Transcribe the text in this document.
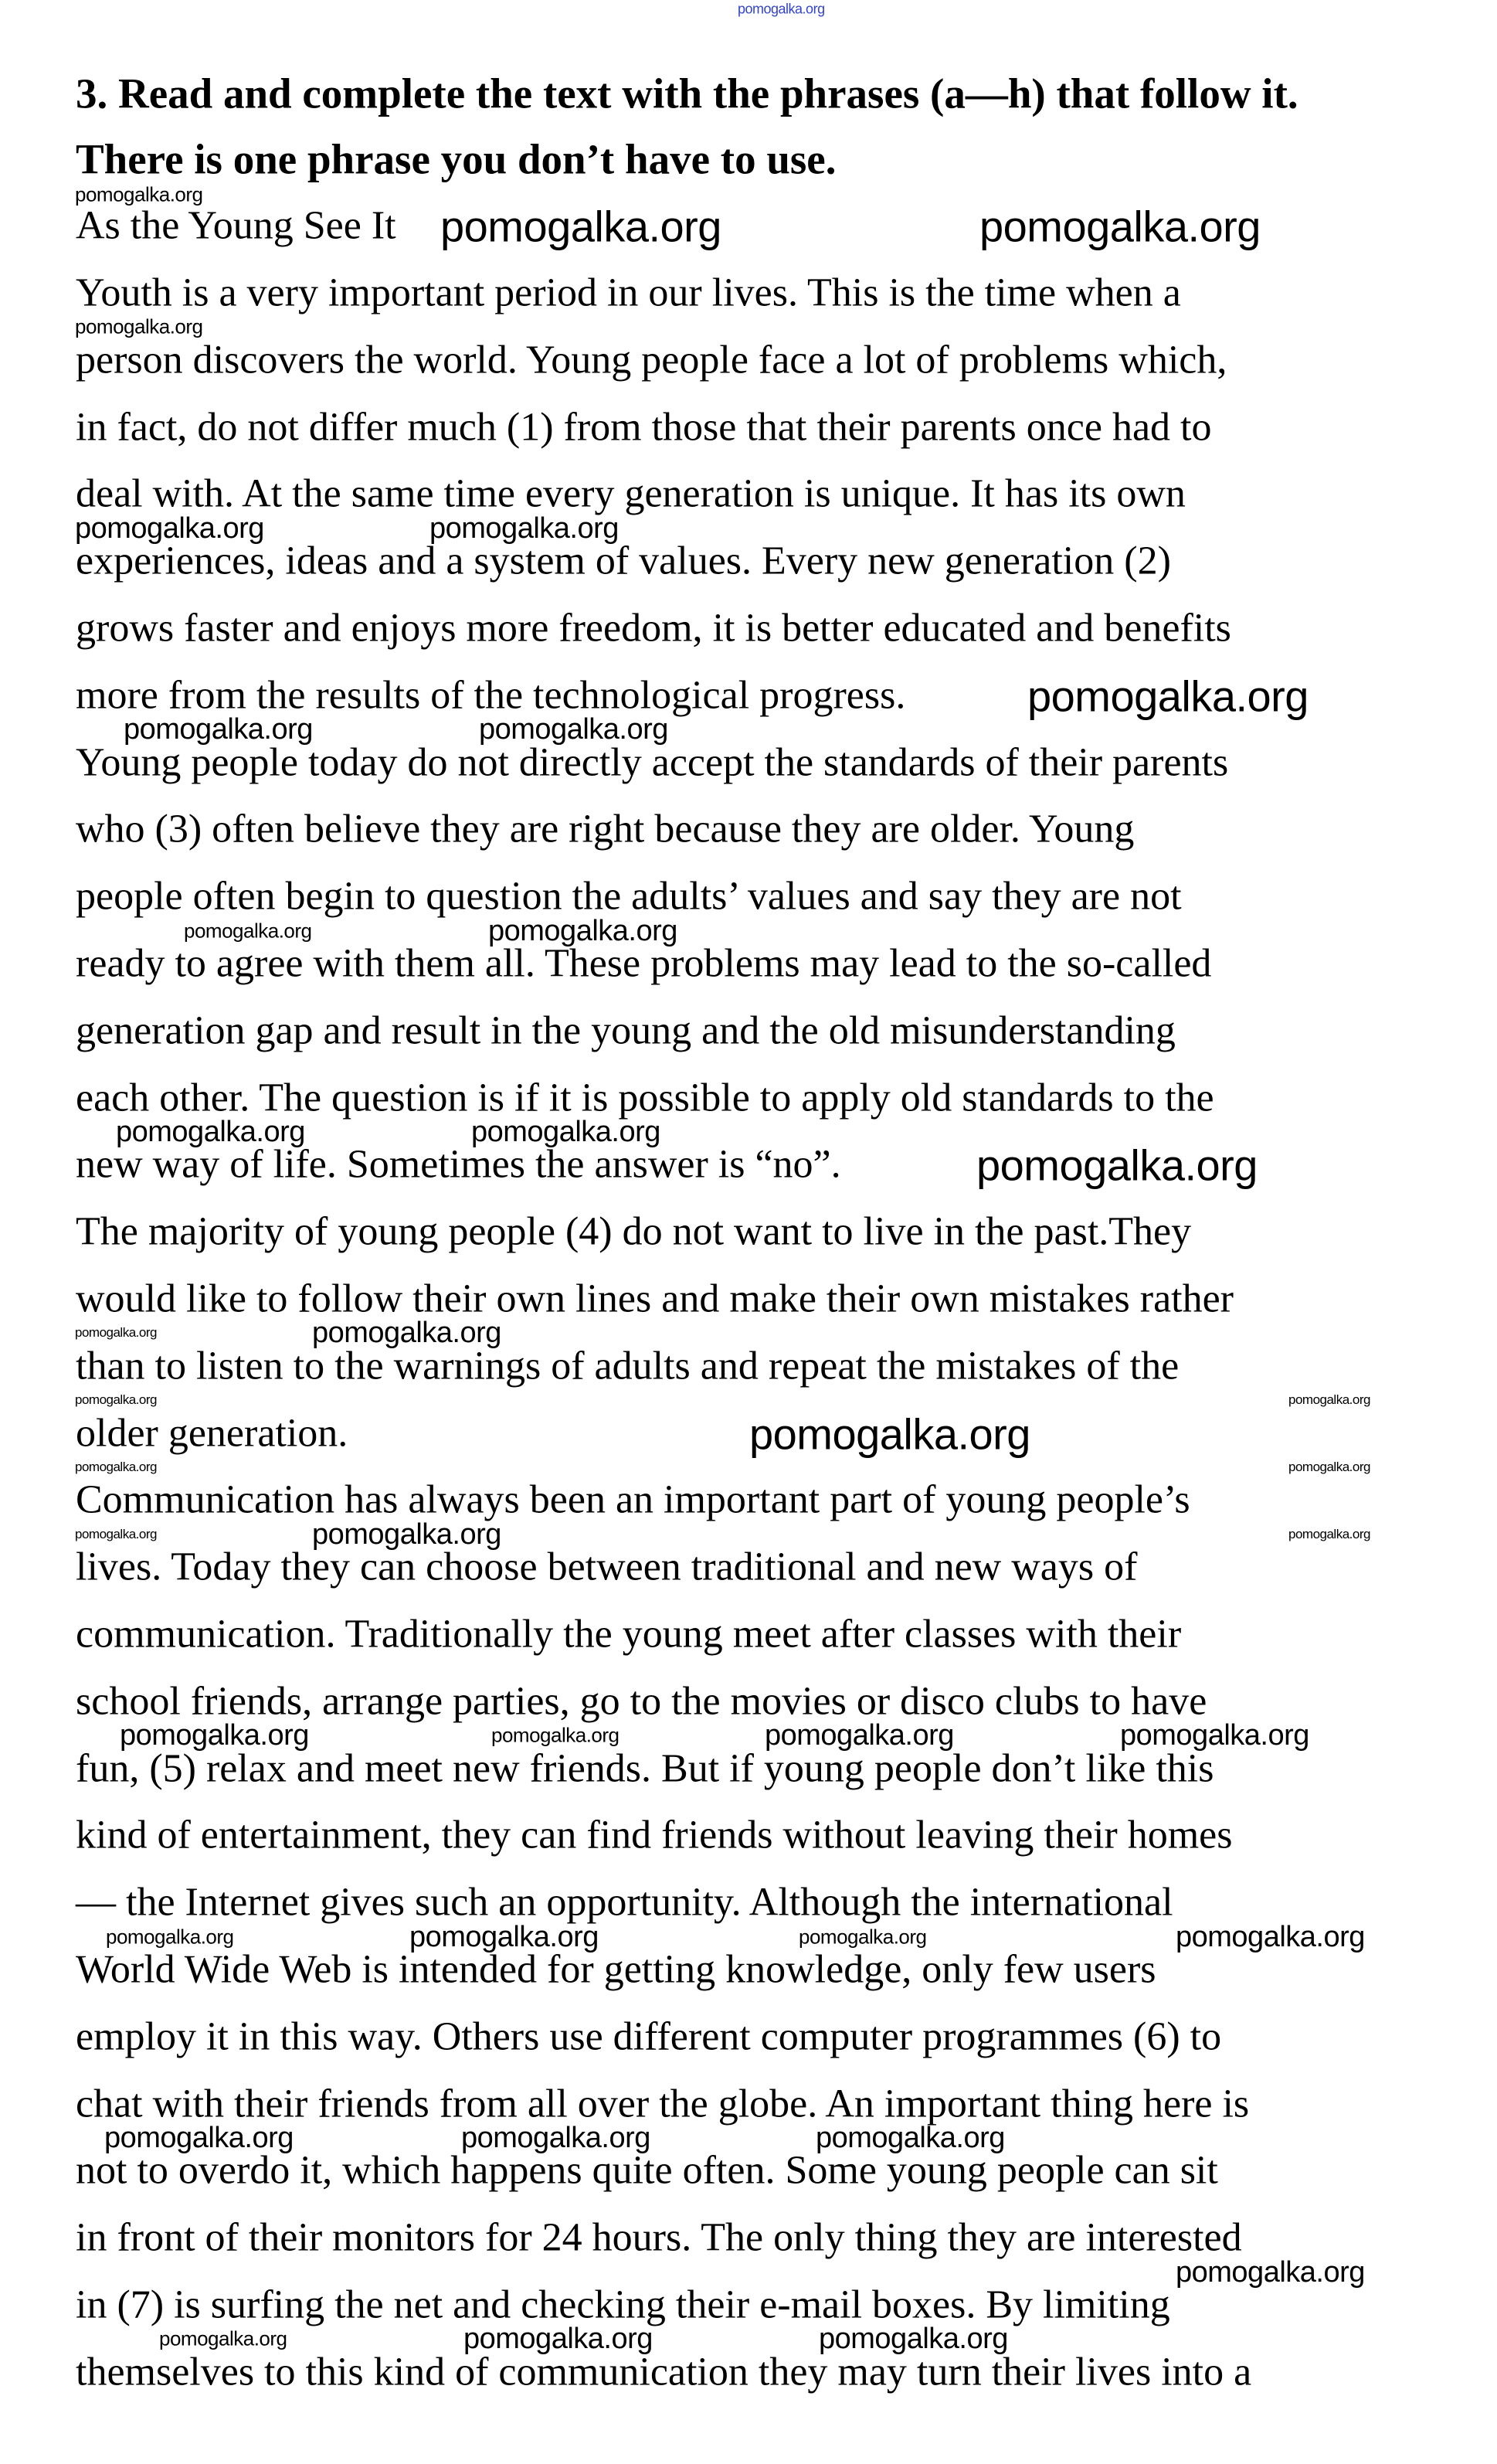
pomogalka.org
3. Read and complete the text with the phrases (a—h) that follow it.
There is one phrase you don’t have to use.
As the Young See It
Youth is a very important period in our lives. This is the time when a
person discovers the world. Young people face a lot of problems which,
in fact, do not differ much (1) from those that their parents once had to
deal with. At the same time every generation is unique. It has its own
experiences, ideas and a system of values. Every new generation (2)
grows faster and enjoys more freedom, it is better educated and benefits
more from the results of the technological progress.
Young people today do not directly accept the standards of their parents
who (3) often believe they are right because they are older. Young
people often begin to question the adults’ values and say they are not
ready to agree with them all. These problems may lead to the so-called
generation gap and result in the young and the old misunderstanding
each other. The question is if it is possible to apply old standards to the
new way of life. Sometimes the answer is “no”.
The majority of young people (4) do not want to live in the past.They
would like to follow their own lines and make their own mistakes rather
than to listen to the warnings of adults and repeat the mistakes of the
older generation.
Communication has always been an important part of young people’s
lives. Today they can choose between traditional and new ways of
communication. Traditionally the young meet after classes with their
school friends, arrange parties, go to the movies or disco clubs to have
fun, (5) relax and meet new friends. But if young people don’t like this
kind of entertainment, they can find friends without leaving their homes
— the Internet gives such an opportunity. Although the international
World Wide Web is intended for getting knowledge, only few users
employ it in this way. Others use different computer programmes (6) to
chat with their friends from all over the globe. An important thing here is
not to overdo it, which happens quite often. Some young people can sit
in front of their monitors for 24 hours. The only thing they are interested
in (7) is surfing the net and checking their e-mail boxes. By limiting
themselves to this kind of communication they may turn their lives into a
pomogalka.org
pomogalka.org	pomogalka.org
pomogalka.org
pomogalka.org	pomogalka.org
pomogalka.org	pomogalka.org
pomogalka.org
pomogalka.org	pomogalka.org
pomogalka.org	pomogalka.org
pomogalka.org
pomogalka.org	pomogalka.org
pomogalka.org	pomogalka.org
pomogalka.org
pomogalka.org	pomogalka.org
pomogalka.org
pomogalka.org	pomogalka.org
pomogalka.org	pomogalka.org	pomogalka.org	pomogalka.org
pomogalka.org	pomogalka.org	pomogalka.org	pomogalka.org
pomogalka.org	pomogalka.org	pomogalka.org
pomogalka.org
pomogalka.org	pomogalka.org	pomogalka.org
